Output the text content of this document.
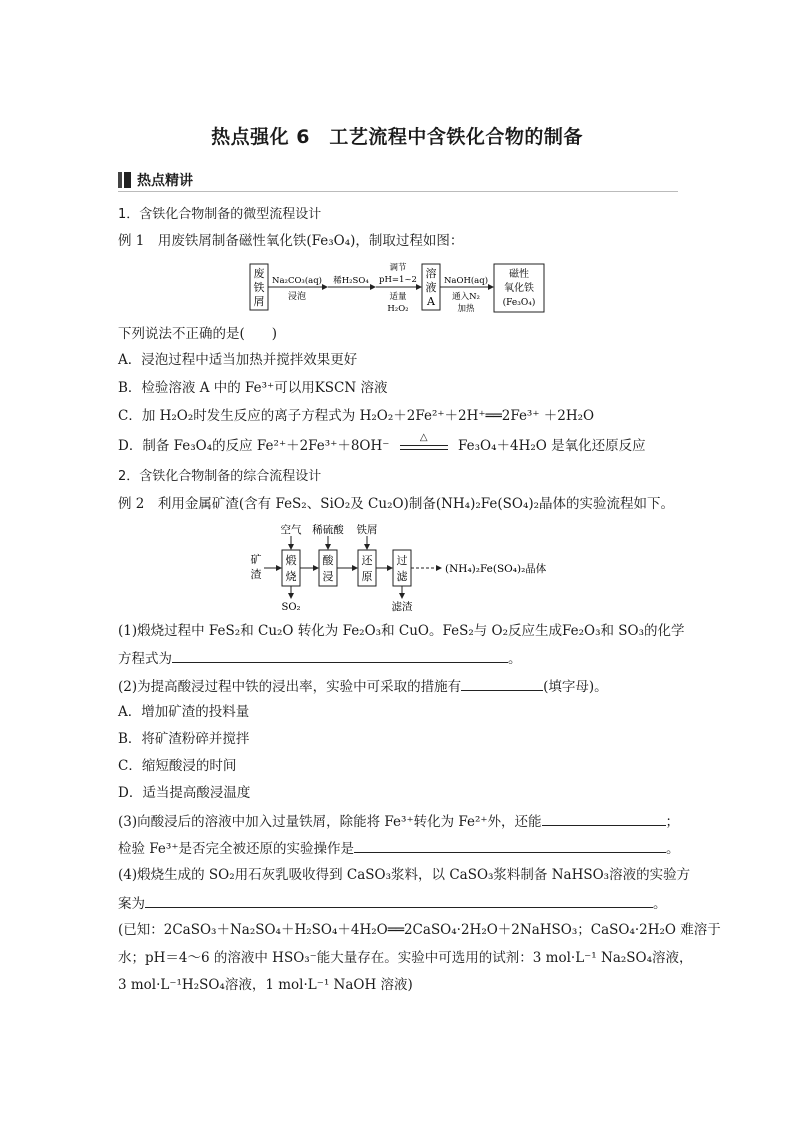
热点强化 6　工艺流程中含铁化合物的制备
热点精讲
1．含铁化合物制备的微型流程设计
例 1　用废铁屑制备磁性氧化铁(Fe₃O₄)，制取过程如图：
废
铁
屑
Na₂CO₃(aq)
浸泡
稀H₂SO₄
调节
pH=1~2
适量
H₂O₂
溶
液
A
NaOH(aq)
通入N₂
加热
磁性
氧化铁
(Fe₃O₄)
下列说法不正确的是(　　)
A．浸泡过程中适当加热并搅拌效果更好
B．检验溶液 A 中的 Fe³⁺可以用KSCN 溶液
C．加 H₂O₂时发生反应的离子方程式为 H₂O₂＋2Fe²⁺＋2H⁺══2Fe³⁺ ＋2H₂O
D．制备 Fe₃O₄的反应 Fe²⁺＋2Fe³⁺＋8OH⁻
△
Fe₃O₄＋4H₂O 是氧化还原反应
2．含铁化合物制备的综合流程设计
例 2　利用金属矿渣(含有 FeS₂、SiO₂及 Cu₂O)制备(NH₄)₂Fe(SO₄)₂晶体的实验流程如下。
空气 稀硫酸 铁屑
矿
渣
煅
烧
SO₂
酸
浸
还
原
过
滤
滤渣
(NH₄)₂Fe(SO₄)₂晶体
(1)煅烧过程中 FeS₂和 Cu₂O 转化为 Fe₂O₃和 CuO。FeS₂与 O₂反应生成Fe₂O₃和 SO₃的化学
方程式为	。
(2)为提高酸浸过程中铁的浸出率，实验中可采取的措施有	(填字母)。
A．增加矿渣的投料量
B．将矿渣粉碎并搅拌
C．缩短酸浸的时间
D．适当提高酸浸温度
(3)向酸浸后的溶液中加入过量铁屑，除能将 Fe³⁺转化为 Fe²⁺外，还能	；
检验 Fe³⁺是否完全被还原的实验操作是	。
(4)煅烧生成的 SO₂用石灰乳吸收得到 CaSO₃浆料，以 CaSO₃浆料制备 NaHSO₃溶液的实验方
案为	。
(已知：2CaSO₃＋Na₂SO₄＋H₂SO₄＋4H₂O══2CaSO₄·2H₂O＋2NaHSO₃；CaSO₄·2H₂O 难溶于
水；pH＝4～6 的溶液中 HSO₃⁻能大量存在。实验中可选用的试剂：3 mol·L⁻¹ Na₂SO₄溶液，
3 mol·L⁻¹H₂SO₄溶液，1 mol·L⁻¹ NaOH 溶液)
